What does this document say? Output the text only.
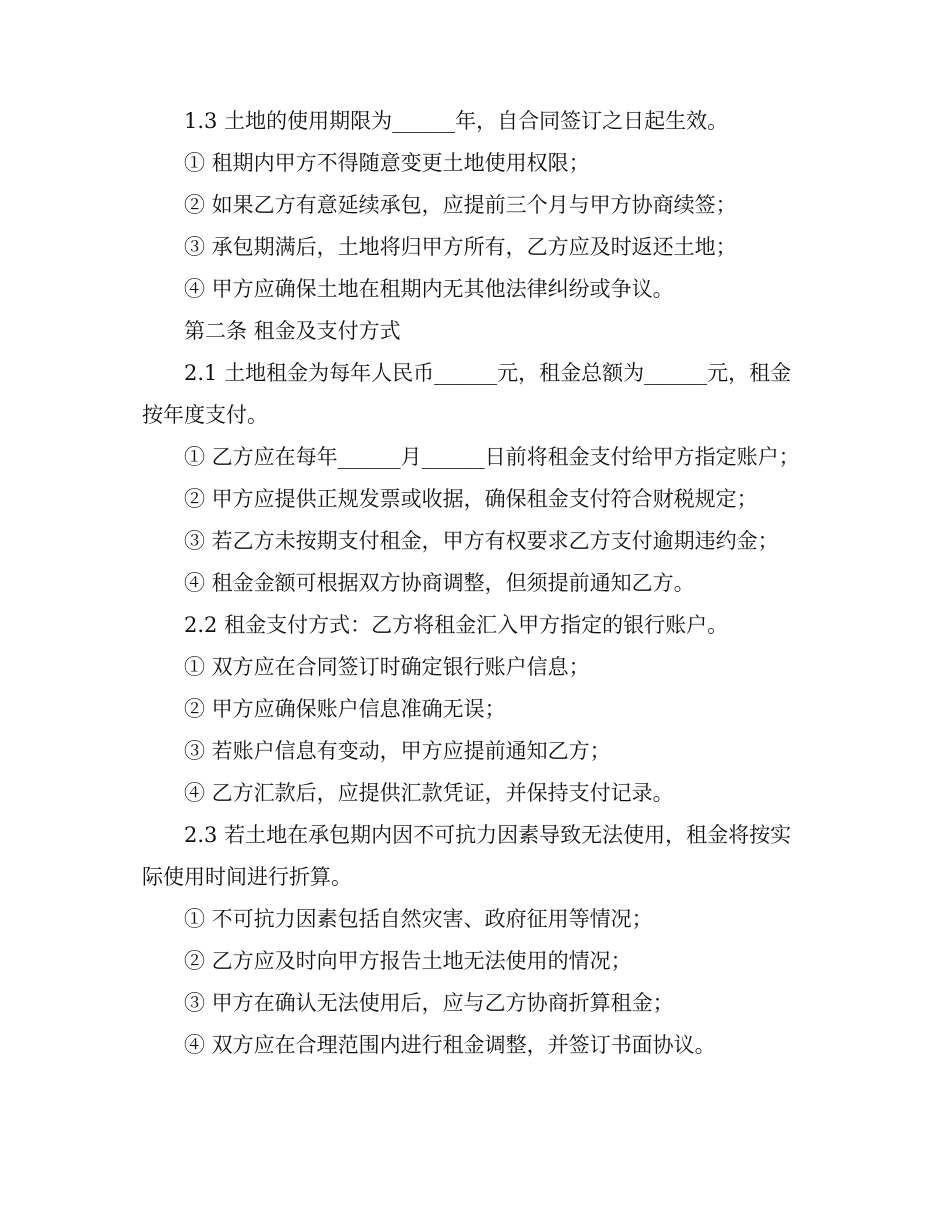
1.3 土地的使用期限为______年，自合同签订之日起生效。

① 租期内甲方不得随意变更土地使用权限；

② 如果乙方有意延续承包，应提前三个月与甲方协商续签；

③ 承包期满后，土地将归甲方所有，乙方应及时返还土地；

④ 甲方应确保土地在租期内无其他法律纠纷或争议。

第二条 租金及支付方式

2.1 土地租金为每年人民币______元，租金总额为______元，租金按年度支付。

① 乙方应在每年______月______日前将租金支付给甲方指定账户；

② 甲方应提供正规发票或收据，确保租金支付符合财税规定；

③ 若乙方未按期支付租金，甲方有权要求乙方支付逾期违约金；

④ 租金金额可根据双方协商调整，但须提前通知乙方。

2.2 租金支付方式：乙方将租金汇入甲方指定的银行账户。

① 双方应在合同签订时确定银行账户信息；

② 甲方应确保账户信息准确无误；

③ 若账户信息有变动，甲方应提前通知乙方；

④ 乙方汇款后，应提供汇款凭证，并保持支付记录。

2.3 若土地在承包期内因不可抗力因素导致无法使用，租金将按实际使用时间进行折算。

① 不可抗力因素包括自然灾害、政府征用等情况；

② 乙方应及时向甲方报告土地无法使用的情况；

③ 甲方在确认无法使用后，应与乙方协商折算租金；

④ 双方应在合理范围内进行租金调整，并签订书面协议。
